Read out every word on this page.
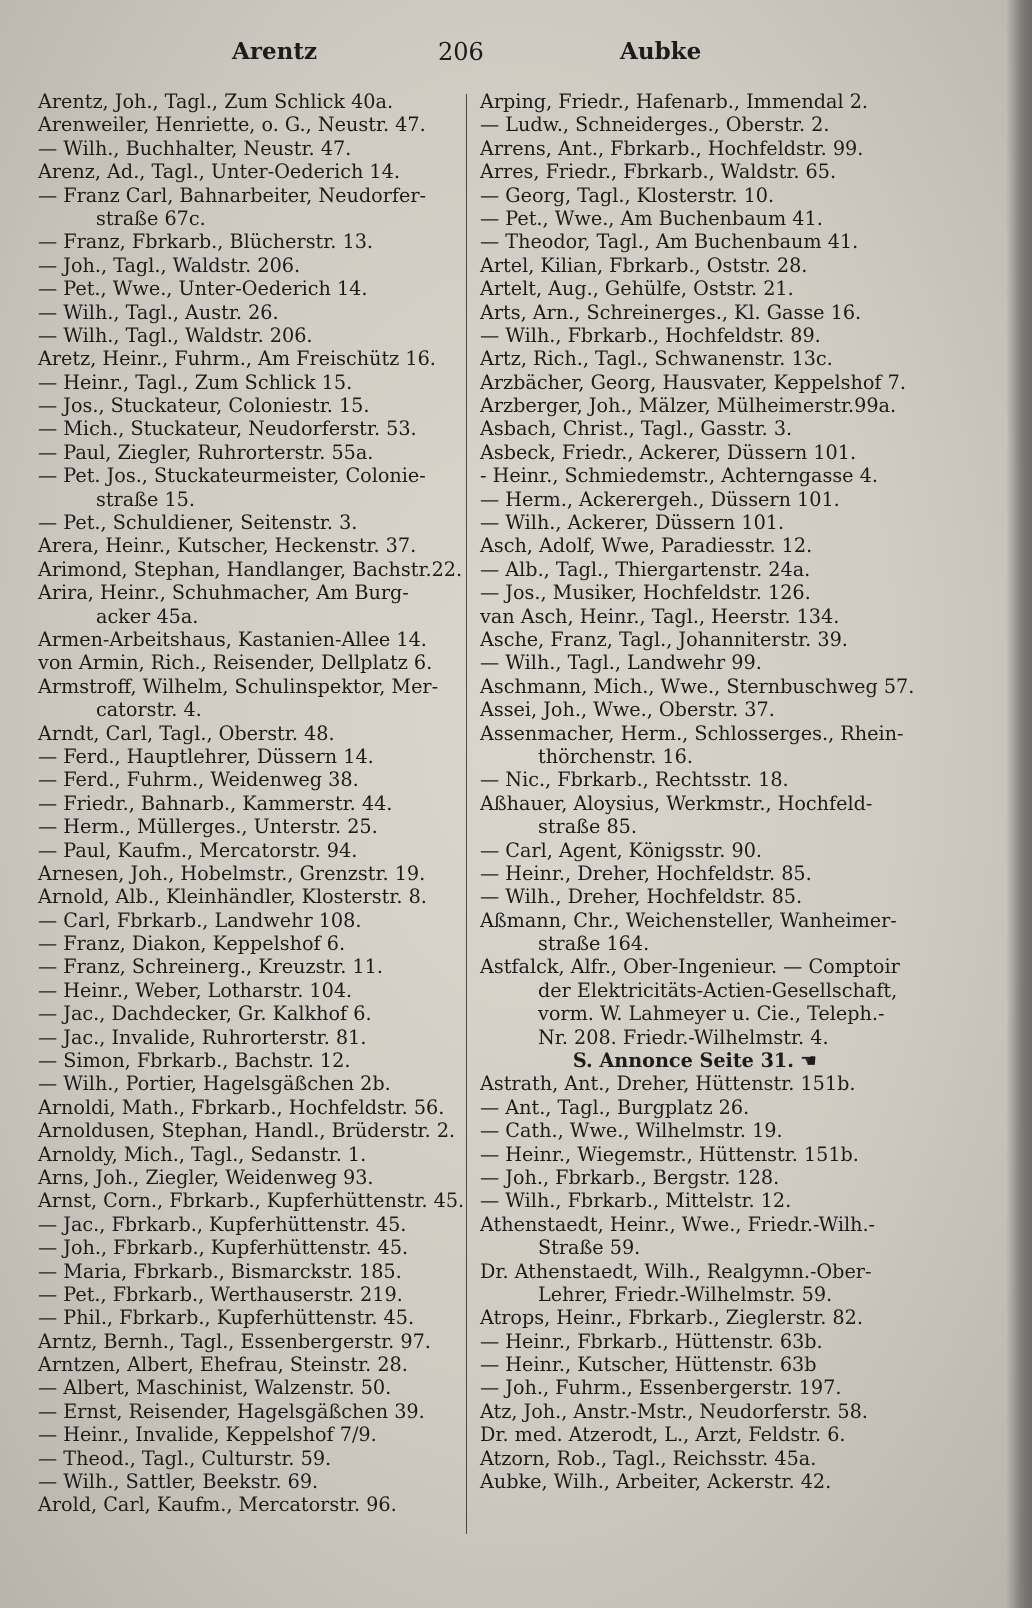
Arentz	206	Aubke
Arentz, Joh., Tagl., Zum Schlick 40a.
Arenweiler, Henriette, o. G., Neustr. 47.
— Wilh., Buchhalter, Neustr. 47.
Arenz, Ad., Tagl., Unter-Oederich 14.
— Franz Carl, Bahnarbeiter, Neudorfer-
straße 67c.
— Franz, Fbrkarb., Blücherstr. 13.
— Joh., Tagl., Waldstr. 206.
— Pet., Wwe., Unter-Oederich 14.
— Wilh., Tagl., Austr. 26.
— Wilh., Tagl., Waldstr. 206.
Aretz, Heinr., Fuhrm., Am Freischütz 16.
— Heinr., Tagl., Zum Schlick 15.
— Jos., Stuckateur, Coloniestr. 15.
— Mich., Stuckateur, Neudorferstr. 53.
— Paul, Ziegler, Ruhrorterstr. 55a.
— Pet. Jos., Stuckateurmeister, Colonie-
straße 15.
— Pet., Schuldiener, Seitenstr. 3.
Arera, Heinr., Kutscher, Heckenstr. 37.
Arimond, Stephan, Handlanger, Bachstr.22.
Arira, Heinr., Schuhmacher, Am Burg-
acker 45a.
Armen-Arbeitshaus, Kastanien-Allee 14.
von Armin, Rich., Reisender, Dellplatz 6.
Armstroff, Wilhelm, Schulinspektor, Mer-
catorstr. 4.
Arndt, Carl, Tagl., Oberstr. 48.
— Ferd., Hauptlehrer, Düssern 14.
— Ferd., Fuhrm., Weidenweg 38.
— Friedr., Bahnarb., Kammerstr. 44.
— Herm., Müllerges., Unterstr. 25.
— Paul, Kaufm., Mercatorstr. 94.
Arnesen, Joh., Hobelmstr., Grenzstr. 19.
Arnold, Alb., Kleinhändler, Klosterstr. 8.
— Carl, Fbrkarb., Landwehr 108.
— Franz, Diakon, Keppelshof 6.
— Franz, Schreinerg., Kreuzstr. 11.
— Heinr., Weber, Lotharstr. 104.
— Jac., Dachdecker, Gr. Kalkhof 6.
— Jac., Invalide, Ruhrorterstr. 81.
— Simon, Fbrkarb., Bachstr. 12.
— Wilh., Portier, Hagelsgäßchen 2b.
Arnoldi, Math., Fbrkarb., Hochfeldstr. 56.
Arnoldusen, Stephan, Handl., Brüderstr. 2.
Arnoldy, Mich., Tagl., Sedanstr. 1.
Arns, Joh., Ziegler, Weidenweg 93.
Arnst, Corn., Fbrkarb., Kupferhüttenstr. 45.
— Jac., Fbrkarb., Kupferhüttenstr. 45.
— Joh., Fbrkarb., Kupferhüttenstr. 45.
— Maria, Fbrkarb., Bismarckstr. 185.
— Pet., Fbrkarb., Werthauserstr. 219.
— Phil., Fbrkarb., Kupferhüttenstr. 45.
Arntz, Bernh., Tagl., Essenbergerstr. 97.
Arntzen, Albert, Ehefrau, Steinstr. 28.
— Albert, Maschinist, Walzenstr. 50.
— Ernst, Reisender, Hagelsgäßchen 39.
— Heinr., Invalide, Keppelshof 7/9.
— Theod., Tagl., Culturstr. 59.
— Wilh., Sattler, Beekstr. 69.
Arold, Carl, Kaufm., Mercatorstr. 96.
Arping, Friedr., Hafenarb., Immendal 2.
— Ludw., Schneiderges., Oberstr. 2.
Arrens, Ant., Fbrkarb., Hochfeldstr. 99.
Arres, Friedr., Fbrkarb., Waldstr. 65.
— Georg, Tagl., Klosterstr. 10.
— Pet., Wwe., Am Buchenbaum 41.
— Theodor, Tagl., Am Buchenbaum 41.
Artel, Kilian, Fbrkarb., Oststr. 28.
Artelt, Aug., Gehülfe, Oststr. 21.
Arts, Arn., Schreinerges., Kl. Gasse 16.
— Wilh., Fbrkarb., Hochfeldstr. 89.
Artz, Rich., Tagl., Schwanenstr. 13c.
Arzbächer, Georg, Hausvater, Keppelshof 7.
Arzberger, Joh., Mälzer, Mülheimerstr.99a.
Asbach, Christ., Tagl., Gasstr. 3.
Asbeck, Friedr., Ackerer, Düssern 101.
- Heinr., Schmiedemstr., Achterngasse 4.
— Herm., Ackerergeh., Düssern 101.
— Wilh., Ackerer, Düssern 101.
Asch, Adolf, Wwe, Paradiesstr. 12.
— Alb., Tagl., Thiergartenstr. 24a.
— Jos., Musiker, Hochfeldstr. 126.
van Asch, Heinr., Tagl., Heerstr. 134.
Asche, Franz, Tagl., Johanniterstr. 39.
— Wilh., Tagl., Landwehr 99.
Aschmann, Mich., Wwe., Sternbuschweg 57.
Assei, Joh., Wwe., Oberstr. 37.
Assenmacher, Herm., Schlosserges., Rhein-
thörchenstr. 16.
— Nic., Fbrkarb., Rechtsstr. 18.
Aßhauer, Aloysius, Werkmstr., Hochfeld-
straße 85.
— Carl, Agent, Königsstr. 90.
— Heinr., Dreher, Hochfeldstr. 85.
— Wilh., Dreher, Hochfeldstr. 85.
Aßmann, Chr., Weichensteller, Wanheimer-
straße 164.
Astfalck, Alfr., Ober-Ingenieur. — Comptoir
der Elektricitäts-Actien-Gesellschaft,
vorm. W. Lahmeyer u. Cie., Teleph.-
Nr. 208. Friedr.-Wilhelmstr. 4.
S. Annonce Seite 31. ☚
Astrath, Ant., Dreher, Hüttenstr. 151b.
— Ant., Tagl., Burgplatz 26.
— Cath., Wwe., Wilhelmstr. 19.
— Heinr., Wiegemstr., Hüttenstr. 151b.
— Joh., Fbrkarb., Bergstr. 128.
— Wilh., Fbrkarb., Mittelstr. 12.
Athenstaedt, Heinr., Wwe., Friedr.-Wilh.-
Straße 59.
Dr. Athenstaedt, Wilh., Realgymn.-Ober-
Lehrer, Friedr.-Wilhelmstr. 59.
Atrops, Heinr., Fbrkarb., Zieglerstr. 82.
— Heinr., Fbrkarb., Hüttenstr. 63b.
— Heinr., Kutscher, Hüttenstr. 63b
— Joh., Fuhrm., Essenbergerstr. 197.
Atz, Joh., Anstr.-Mstr., Neudorferstr. 58.
Dr. med. Atzerodt, L., Arzt, Feldstr. 6.
Atzorn, Rob., Tagl., Reichsstr. 45a.
Aubke, Wilh., Arbeiter, Ackerstr. 42.
